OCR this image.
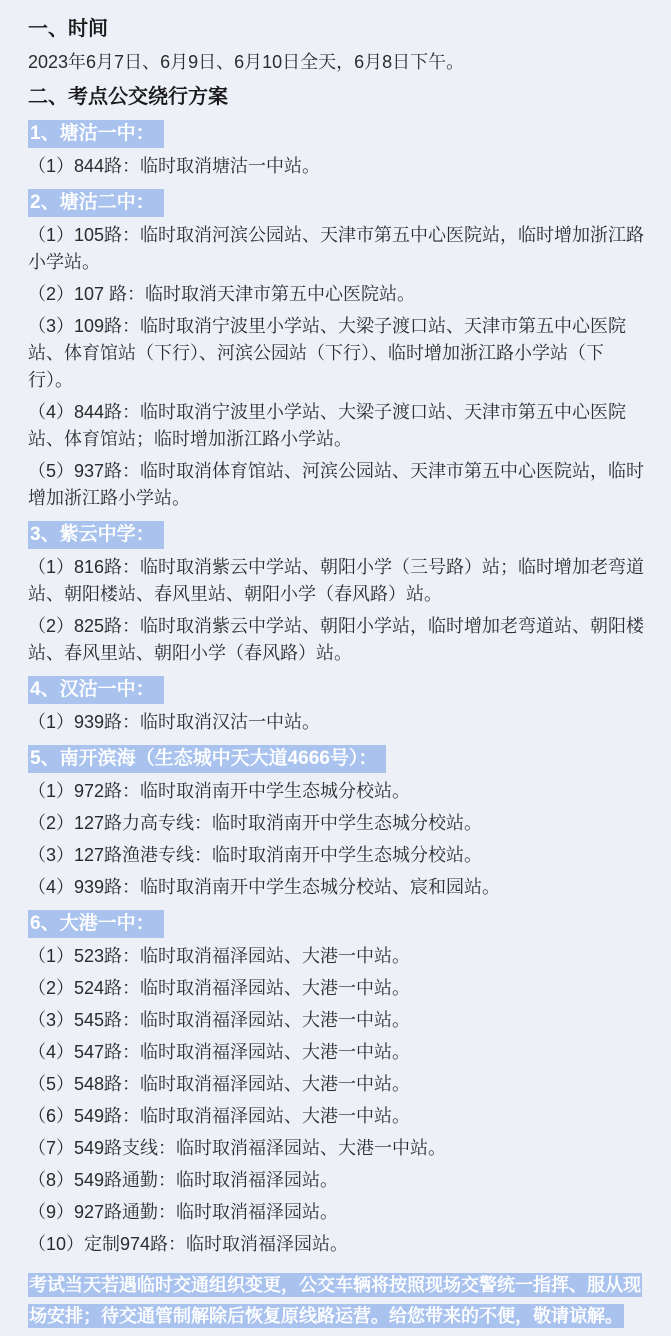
一、时间

2023年6月7日、6月9日、6月10日全天，6月8日下午。

二、考点公交绕行方案

1、塘沽一中：

（1）844路：临时取消塘沽一中站。

2、塘沽二中：

（1）105路：临时取消河滨公园站、天津市第五中心医院站，临时增加浙江路小学站。

（2）107 路：临时取消天津市第五中心医院站。

（3）109路：临时取消宁波里小学站、大梁子渡口站、天津市第五中心医院站、体育馆站（下行）、河滨公园站（下行）、临时增加浙江路小学站（下行）。

（4）844路：临时取消宁波里小学站、大梁子渡口站、天津市第五中心医院站、体育馆站；临时增加浙江路小学站。

（5）937路：临时取消体育馆站、河滨公园站、天津市第五中心医院站，临时增加浙江路小学站。

3、紫云中学：

（1）816路：临时取消紫云中学站、朝阳小学（三号路）站；临时增加老弯道站、朝阳楼站、春风里站、朝阳小学（春风路）站。

（2）825路：临时取消紫云中学站、朝阳小学站，临时增加老弯道站、朝阳楼站、春风里站、朝阳小学（春风路）站。

4、汉沽一中：

（1）939路：临时取消汉沽一中站。

5、南开滨海（生态城中天大道4666号）：

（1）972路：临时取消南开中学生态城分校站。

（2）127路力高专线：临时取消南开中学生态城分校站。

（3）127路渔港专线：临时取消南开中学生态城分校站。

（4）939路：临时取消南开中学生态城分校站、宸和园站。

6、大港一中：

（1）523路：临时取消福泽园站、大港一中站。

（2）524路：临时取消福泽园站、大港一中站。

（3）545路：临时取消福泽园站、大港一中站。

（4）547路：临时取消福泽园站、大港一中站。

（5）548路：临时取消福泽园站、大港一中站。

（6）549路：临时取消福泽园站、大港一中站。

（7）549路支线：临时取消福泽园站、大港一中站。

（8）549路通勤：临时取消福泽园站。

（9）927路通勤：临时取消福泽园站。

（10）定制974路：临时取消福泽园站。

考试当天若遇临时交通组织变更，公交车辆将按照现场交警统一指挥、服从现场安排；待交通管制解除后恢复原线路运营。给您带来的不便，敬请谅解。
